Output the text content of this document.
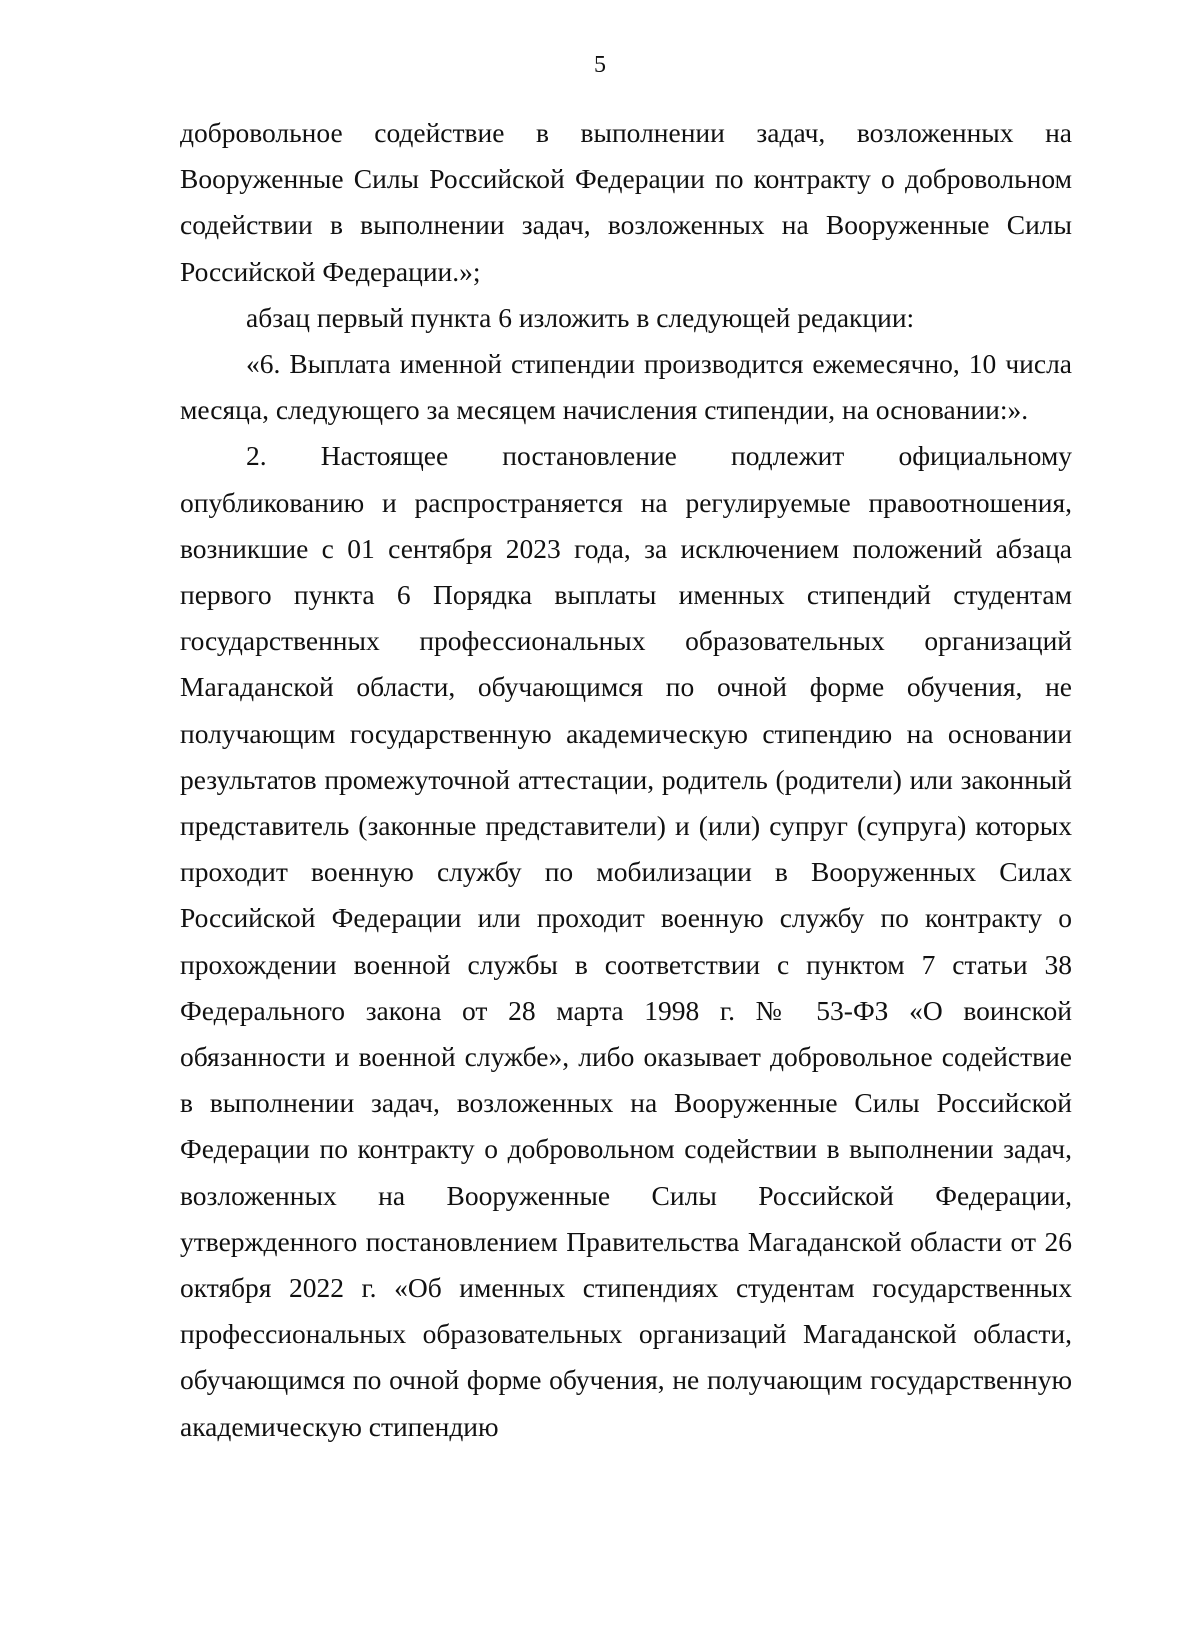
5

добровольное содействие в выполнении задач, возложенных на Вооруженные Силы Российской Федерации по контракту о добровольном содействии в выполнении задач, возложенных на Вооруженные Силы Российской Федерации.»;

абзац первый пункта 6 изложить в следующей редакции:

«6. Выплата именной стипендии производится ежемесячно, 10 числа месяца, следующего за месяцем начисления стипендии, на основании:».

2. Настоящее постановление подлежит официальному опубликованию и распространяется на регулируемые правоотношения, возникшие с 01 сентября 2023 года, за исключением положений абзаца первого пункта 6 Порядка выплаты именных стипендий студентам государственных профессиональных образовательных организаций Магаданской области, обучающимся по очной форме обучения, не получающим государственную академическую стипендию на основании результатов промежуточной аттестации, родитель (родители) или законный представитель (законные представители) и (или) супруг (супруга) которых проходит военную службу по мобилизации в Вооруженных Силах Российской Федерации или проходит военную службу по контракту о прохождении военной службы в соответствии с пунктом 7 статьи 38 Федерального закона от 28 марта 1998 г. № 53-ФЗ «О воинской обязанности и военной службе», либо оказывает добровольное содействие в выполнении задач, возложенных на Вооруженные Силы Российской Федерации по контракту о добровольном содействии в выполнении задач, возложенных на Вооруженные Силы Российской Федерации, утвержденного постановлением Правительства Магаданской области от 26 октября 2022 г. «Об именных стипендиях студентам государственных профессиональных образовательных организаций Магаданской области, обучающимся по очной форме обучения, не получающим государственную академическую стипендию
